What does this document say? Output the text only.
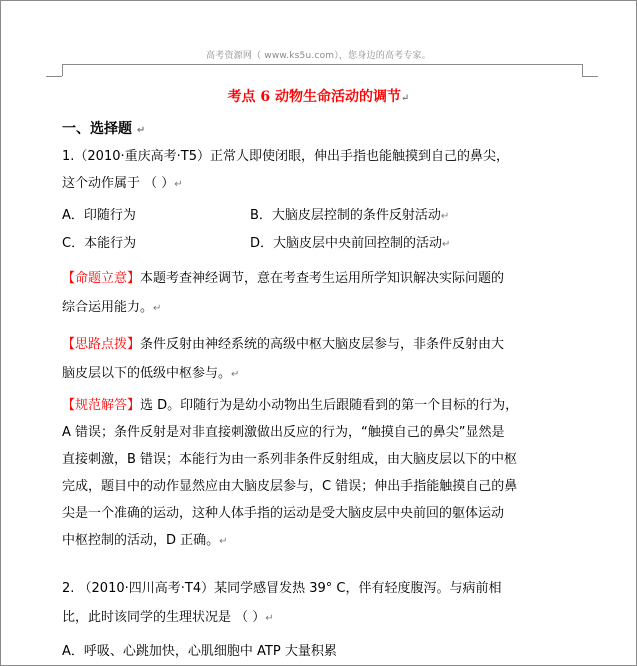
高考资源网（ www.ks5u.com），您身边的高考专家。
考点 6 动物生命活动的调节↵
一、选择题 ↵
1.（2010·重庆高考·T5）正常人即使闭眼，伸出手指也能触摸到自己的鼻尖，
这个动作属于 （ ）↵
A．印随行为	B．大脑皮层控制的条件反射活动↵
C．本能行为	D．大脑皮层中央前回控制的活动↵
【命题立意】本题考查神经调节，意在考查考生运用所学知识解决实际问题的
综合运用能力。↵
【思路点拨】条件反射由神经系统的高级中枢大脑皮层参与，非条件反射由大
脑皮层以下的低级中枢参与。↵
【规范解答】选 D。印随行为是幼小动物出生后跟随看到的第一个目标的行为，
A 错误；条件反射是对非直接刺激做出反应的行为，“触摸自己的鼻尖”显然是
直接刺激，B 错误；本能行为由一系列非条件反射组成，由大脑皮层以下的中枢
完成，题目中的动作显然应由大脑皮层参与，C 错误；伸出手指能触摸自己的鼻
尖是一个准确的运动，这种人体手指的运动是受大脑皮层中央前回的躯体运动
中枢控制的活动，D 正确。↵
2. （2010·四川高考·T4）某同学感冒发热 39° C，伴有轻度腹泻。与病前相
比，此时该同学的生理状况是 （ ）↵
A．呼吸、心跳加快，心肌细胞中 ATP 大量积累
